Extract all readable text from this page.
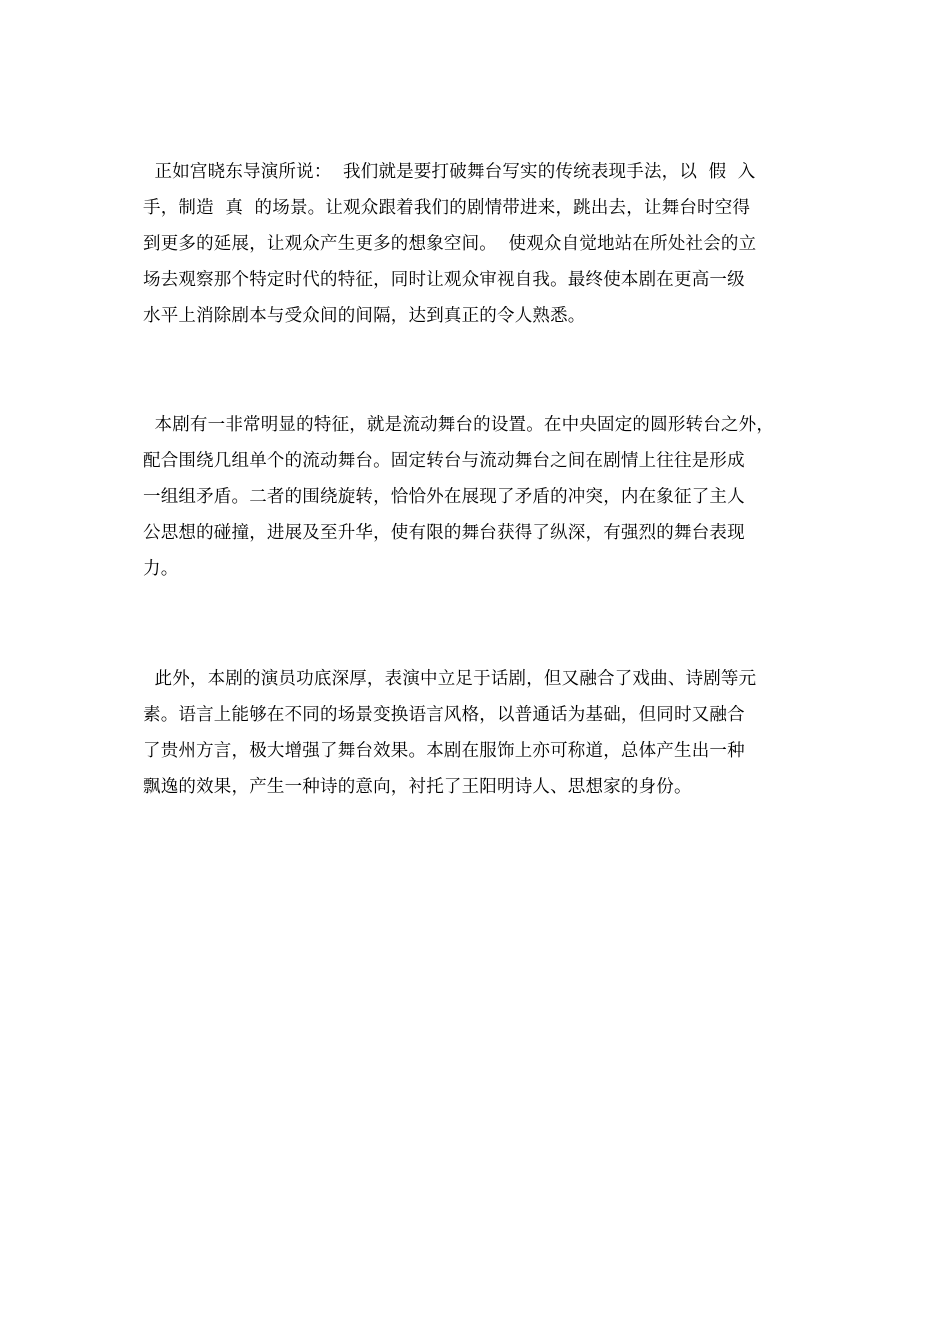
正如宫晓东导演所说：  我们就是要打破舞台写实的传统表现手法，以  假  入
手，制造  真  的场景。让观众跟着我们的剧情带进来，跳出去，让舞台时空得
到更多的延展，让观众产生更多的想象空间。  使观众自觉地站在所处社会的立
场去观察那个特定时代的特征，同时让观众审视自我。最终使本剧在更高一级
水平上消除剧本与受众间的间隔，达到真正的令人熟悉。
本剧有一非常明显的特征，就是流动舞台的设置。在中央固定的圆形转台之外，
配合围绕几组单个的流动舞台。固定转台与流动舞台之间在剧情上往往是形成
一组组矛盾。二者的围绕旋转，恰恰外在展现了矛盾的冲突，内在象征了主人
公思想的碰撞，进展及至升华，使有限的舞台获得了纵深，有强烈的舞台表现
力。
此外，本剧的演员功底深厚，表演中立足于话剧，但又融合了戏曲、诗剧等元
素。语言上能够在不同的场景变换语言风格，以普通话为基础，但同时又融合
了贵州方言，极大增强了舞台效果。本剧在服饰上亦可称道，总体产生出一种
飘逸的效果，产生一种诗的意向，衬托了王阳明诗人、思想家的身份。
